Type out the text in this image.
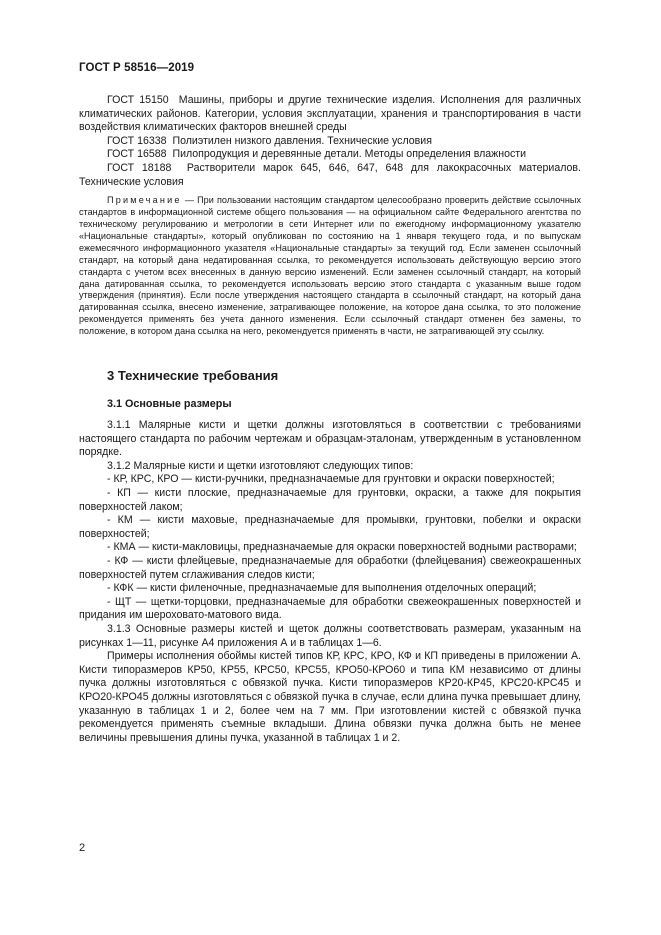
ГОСТ Р 58516—2019

ГОСТ 15150 Машины, приборы и другие технические изделия. Исполнения для различных климатических районов. Категории, условия эксплуатации, хранения и транспортирования в части воздействия климатических факторов внешней среды

ГОСТ 16338 Полиэтилен низкого давления. Технические условия

ГОСТ 16588 Пилопродукция и деревянные детали. Методы определения влажности

ГОСТ 18188 Растворители марок 645, 646, 647, 648 для лакокрасочных материалов. Технические условия

Примечание — При пользовании настоящим стандартом целесообразно проверить действие ссылочных стандартов в информационной системе общего пользования — на официальном сайте Федерального агентства по техническому регулированию и метрологии в сети Интернет или по ежегодному информационному указателю «Национальные стандарты», который опубликован по состоянию на 1 января текущего года, и по выпускам ежемесячного информационного указателя «Национальные стандарты» за текущий год. Если заменен ссылочный стандарт, на который дана недатированная ссылка, то рекомендуется использовать действующую версию этого стандарта с учетом всех внесенных в данную версию изменений. Если заменен ссылочный стандарт, на который дана датированная ссылка, то рекомендуется использовать версию этого стандарта с указанным выше годом утверждения (принятия). Если после утверждения настоящего стандарта в ссылочный стандарт, на который дана датированная ссылка, внесено изменение, затрагивающее положение, на которое дана ссылка, то это положение рекомендуется применять без учета данного изменения. Если ссылочный стандарт отменен без замены, то положение, в котором дана ссылка на него, рекомендуется применять в части, не затрагивающей эту ссылку.

3 Технические требования
3.1 Основные размеры

3.1.1 Малярные кисти и щетки должны изготовляться в соответствии с требованиями настоящего стандарта по рабочим чертежам и образцам-эталонам, утвержденным в установленном порядке.

3.1.2 Малярные кисти и щетки изготовляют следующих типов:

- КР, КРС, КРО — кисти-ручники, предназначаемые для грунтовки и окраски поверхностей;

- КП — кисти плоские, предназначаемые для грунтовки, окраски, а также для покрытия поверхностей лаком;

- КМ — кисти маховые, предназначаемые для промывки, грунтовки, побелки и окраски поверхностей;

- КМА — кисти-макловицы, предназначаемые для окраски поверхностей водными растворами;

- КФ — кисти флейцевые, предназначаемые для обработки (флейцевания) свежеокрашенных поверхностей путем сглаживания следов кисти;

- КФК — кисти филеночные, предназначаемые для выполнения отделочных операций;

- ЩТ — щетки-торцовки, предназначаемые для обработки свежеокрашенных поверхностей и придания им шероховато-матового вида.

3.1.3 Основные размеры кистей и щеток должны соответствовать размерам, указанным на рисунках 1—11, рисунке А4 приложения А и в таблицах 1—6.

Примеры исполнения обоймы кистей типов КР, КРС, КРО, КФ и КП приведены в приложении А. Кисти типоразмеров КР50, КР55, КРС50, КРС55, КРО50-КРО60 и типа КМ независимо от длины пучка должны изготовляться с обвязкой пучка. Кисти типоразмеров КР20-КР45, КРС20-КРС45 и КРО20-КРО45 должны изготовляться с обвязкой пучка в случае, если длина пучка превышает длину, указанную в таблицах 1 и 2, более чем на 7 мм. При изготовлении кистей с обвязкой пучка рекомендуется применять съемные вкладыши. Длина обвязки пучка должна быть не менее величины превышения длины пучка, указанной в таблицах 1 и 2.

2
